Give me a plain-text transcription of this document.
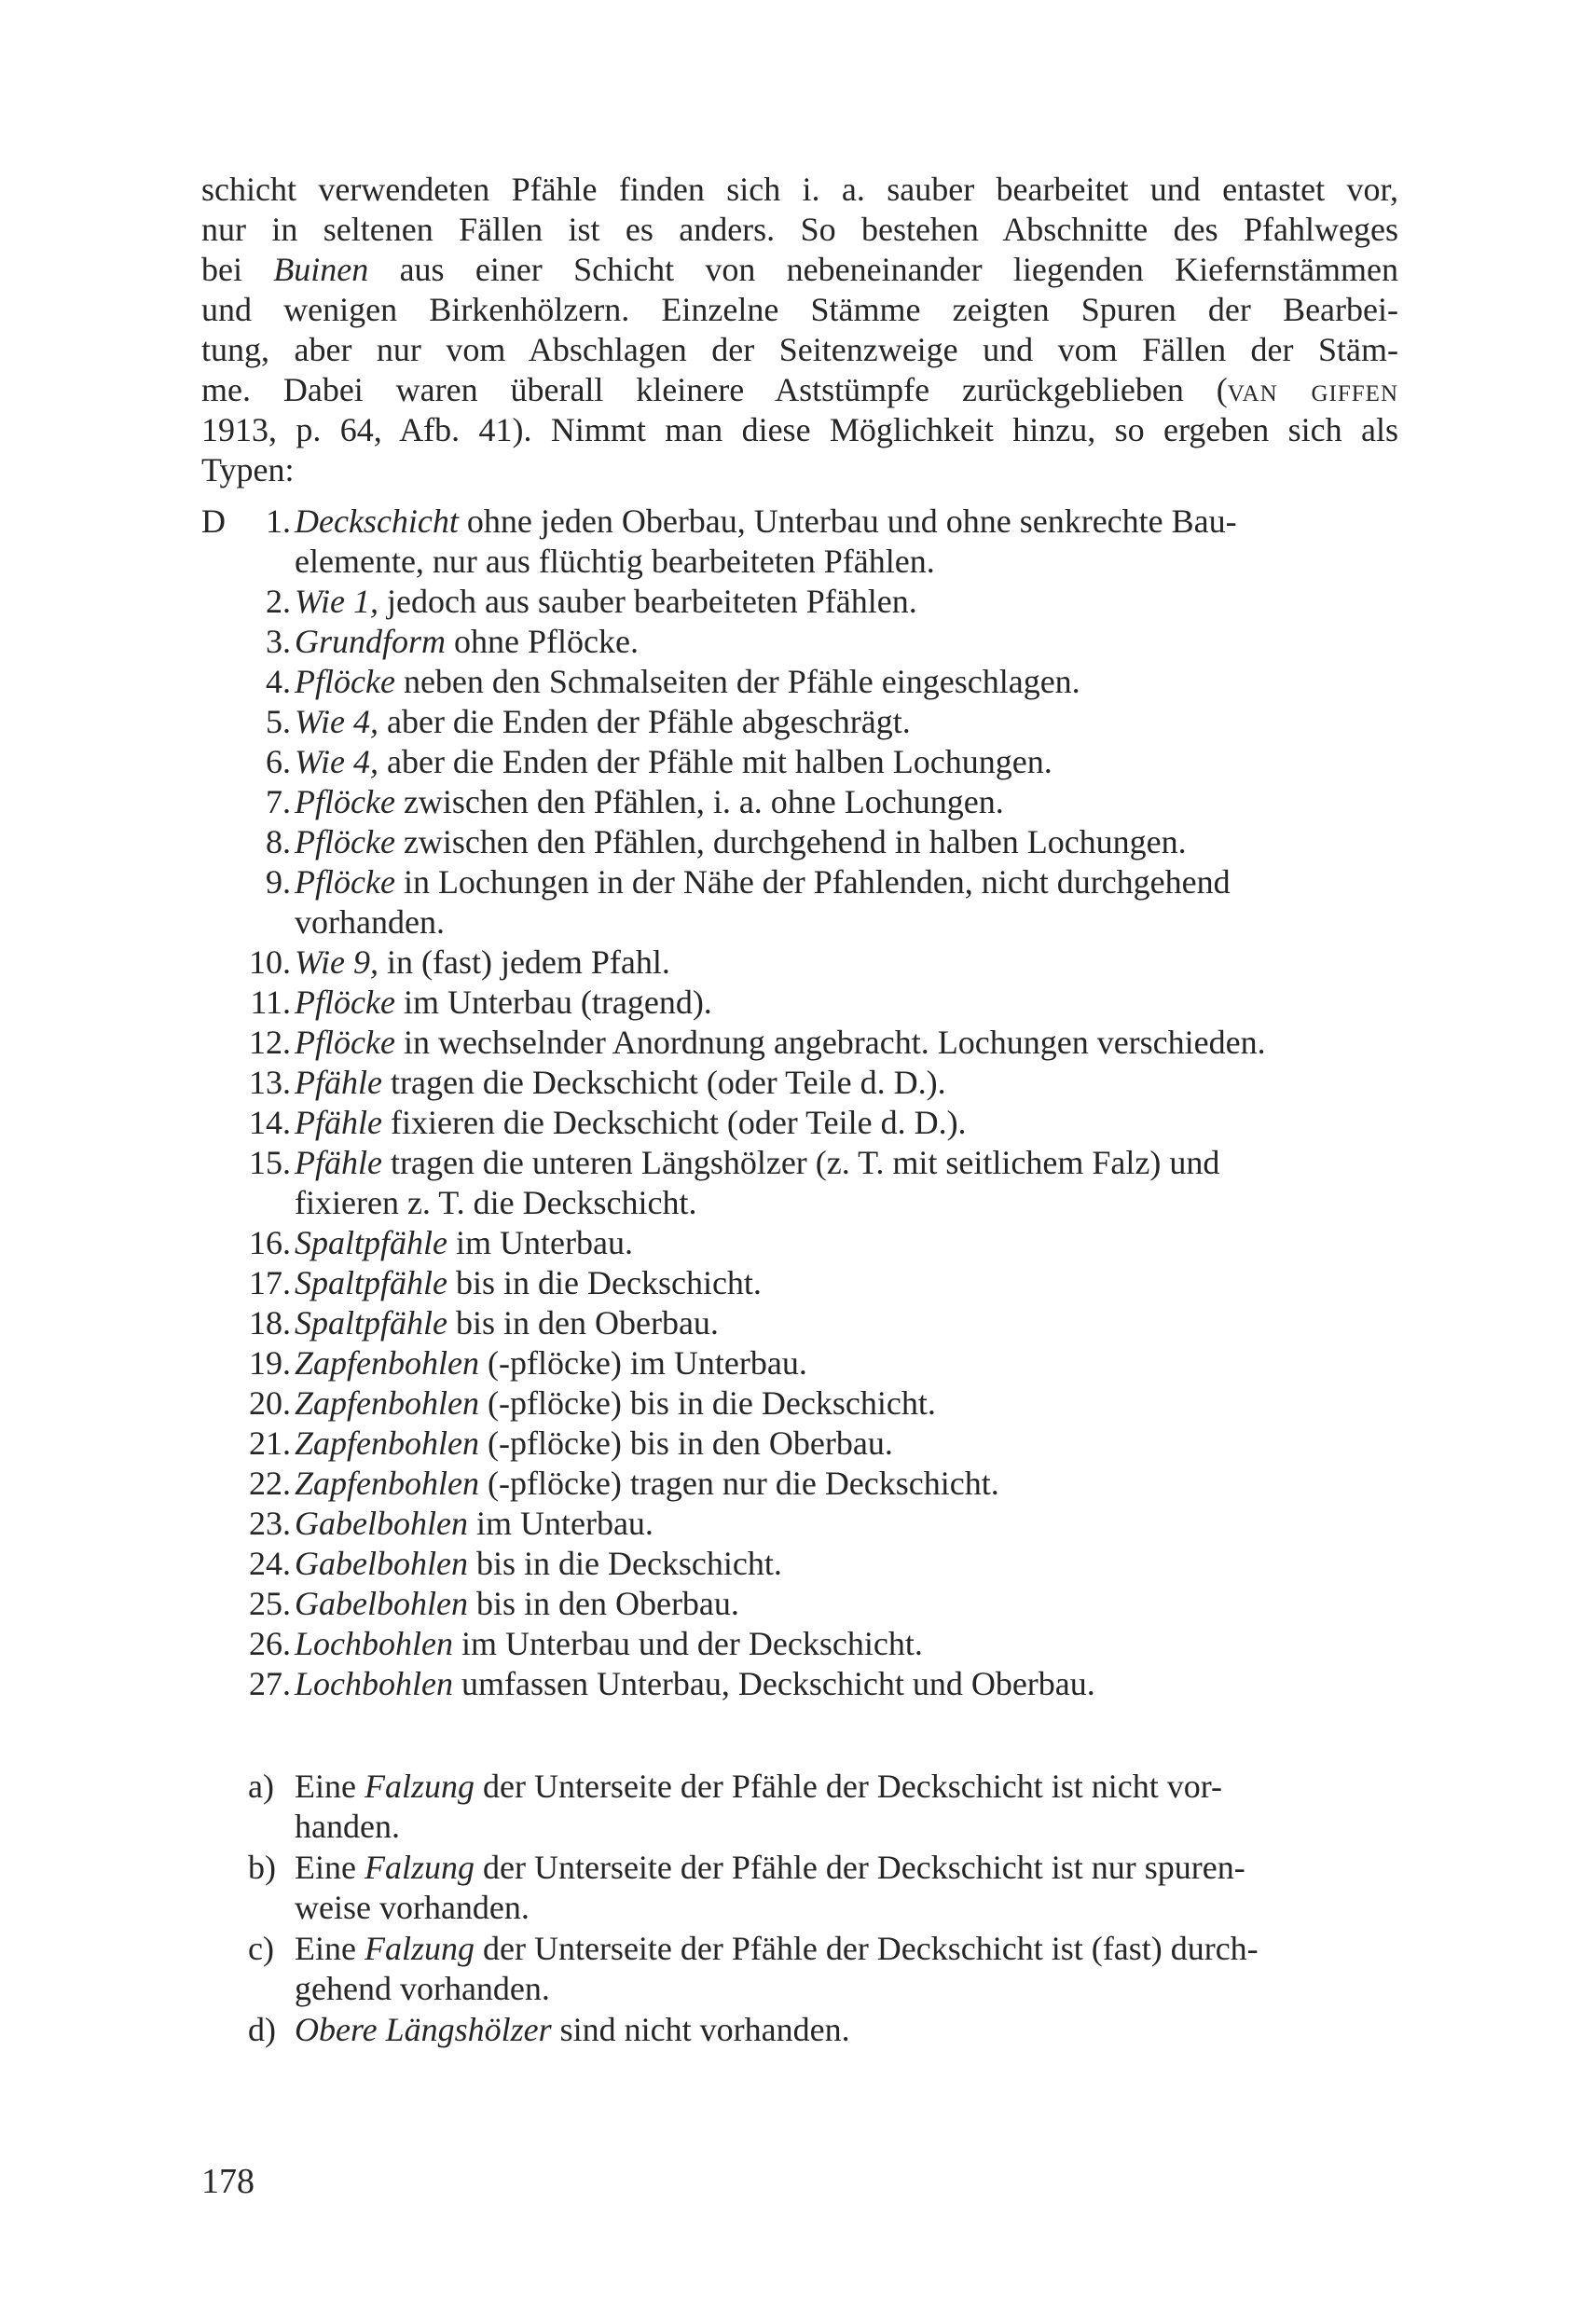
schicht verwendeten Pfähle finden sich i. a. sauber bearbeitet und entastet vor,
nur in seltenen Fällen ist es anders. So bestehen Abschnitte des Pfahlweges
bei Buinen aus einer Schicht von nebeneinander liegenden Kiefernstämmen
und wenigen Birkenhölzern. Einzelne Stämme zeigten Spuren der Bearbei-
tung, aber nur vom Abschlagen der Seitenzweige und vom Fällen der Stäm-
me. Dabei waren überall kleinere Aststümpfe zurückgeblieben (van giffen
1913, p. 64, Afb. 41). Nimmt man diese Möglichkeit hinzu, so ergeben sich als
Typen:
D	1. Deckschicht ohne jeden Oberbau, Unterbau und ohne senkrechte Bau-
elemente, nur aus flüchtig bearbeiteten Pfählen.
2. Wie 1, jedoch aus sauber bearbeiteten Pfählen.
3. Grundform ohne Pflöcke.
4. Pflöcke neben den Schmalseiten der Pfähle eingeschlagen.
5. Wie 4, aber die Enden der Pfähle abgeschrägt.
6. Wie 4, aber die Enden der Pfähle mit halben Lochungen.
7. Pflöcke zwischen den Pfählen, i. a. ohne Lochungen.
8. Pflöcke zwischen den Pfählen, durchgehend in halben Lochungen.
9. Pflöcke in Lochungen in der Nähe der Pfahlenden, nicht durchgehend
vorhanden.
10. Wie 9, in (fast) jedem Pfahl.
11. Pflöcke im Unterbau (tragend).
12. Pflöcke in wechselnder Anordnung angebracht. Lochungen verschieden.
13. Pfähle tragen die Deckschicht (oder Teile d. D.).
14. Pfähle fixieren die Deckschicht (oder Teile d. D.).
15. Pfähle tragen die unteren Längshölzer (z. T. mit seitlichem Falz) und
fixieren z. T. die Deckschicht.
16. Spaltpfähle im Unterbau.
17. Spaltpfähle bis in die Deckschicht.
18. Spaltpfähle bis in den Oberbau.
19. Zapfenbohlen (-pflöcke) im Unterbau.
20. Zapfenbohlen (-pflöcke) bis in die Deckschicht.
21. Zapfenbohlen (-pflöcke) bis in den Oberbau.
22. Zapfenbohlen (-pflöcke) tragen nur die Deckschicht.
23. Gabelbohlen im Unterbau.
24. Gabelbohlen bis in die Deckschicht.
25. Gabelbohlen bis in den Oberbau.
26. Lochbohlen im Unterbau und der Deckschicht.
27. Lochbohlen umfassen Unterbau, Deckschicht und Oberbau.
a) Eine Falzung der Unterseite der Pfähle der Deckschicht ist nicht vor-
handen.
b) Eine Falzung der Unterseite der Pfähle der Deckschicht ist nur spuren-
weise vorhanden.
c) Eine Falzung der Unterseite der Pfähle der Deckschicht ist (fast) durch-
gehend vorhanden.
d) Obere Längshölzer sind nicht vorhanden.
178
